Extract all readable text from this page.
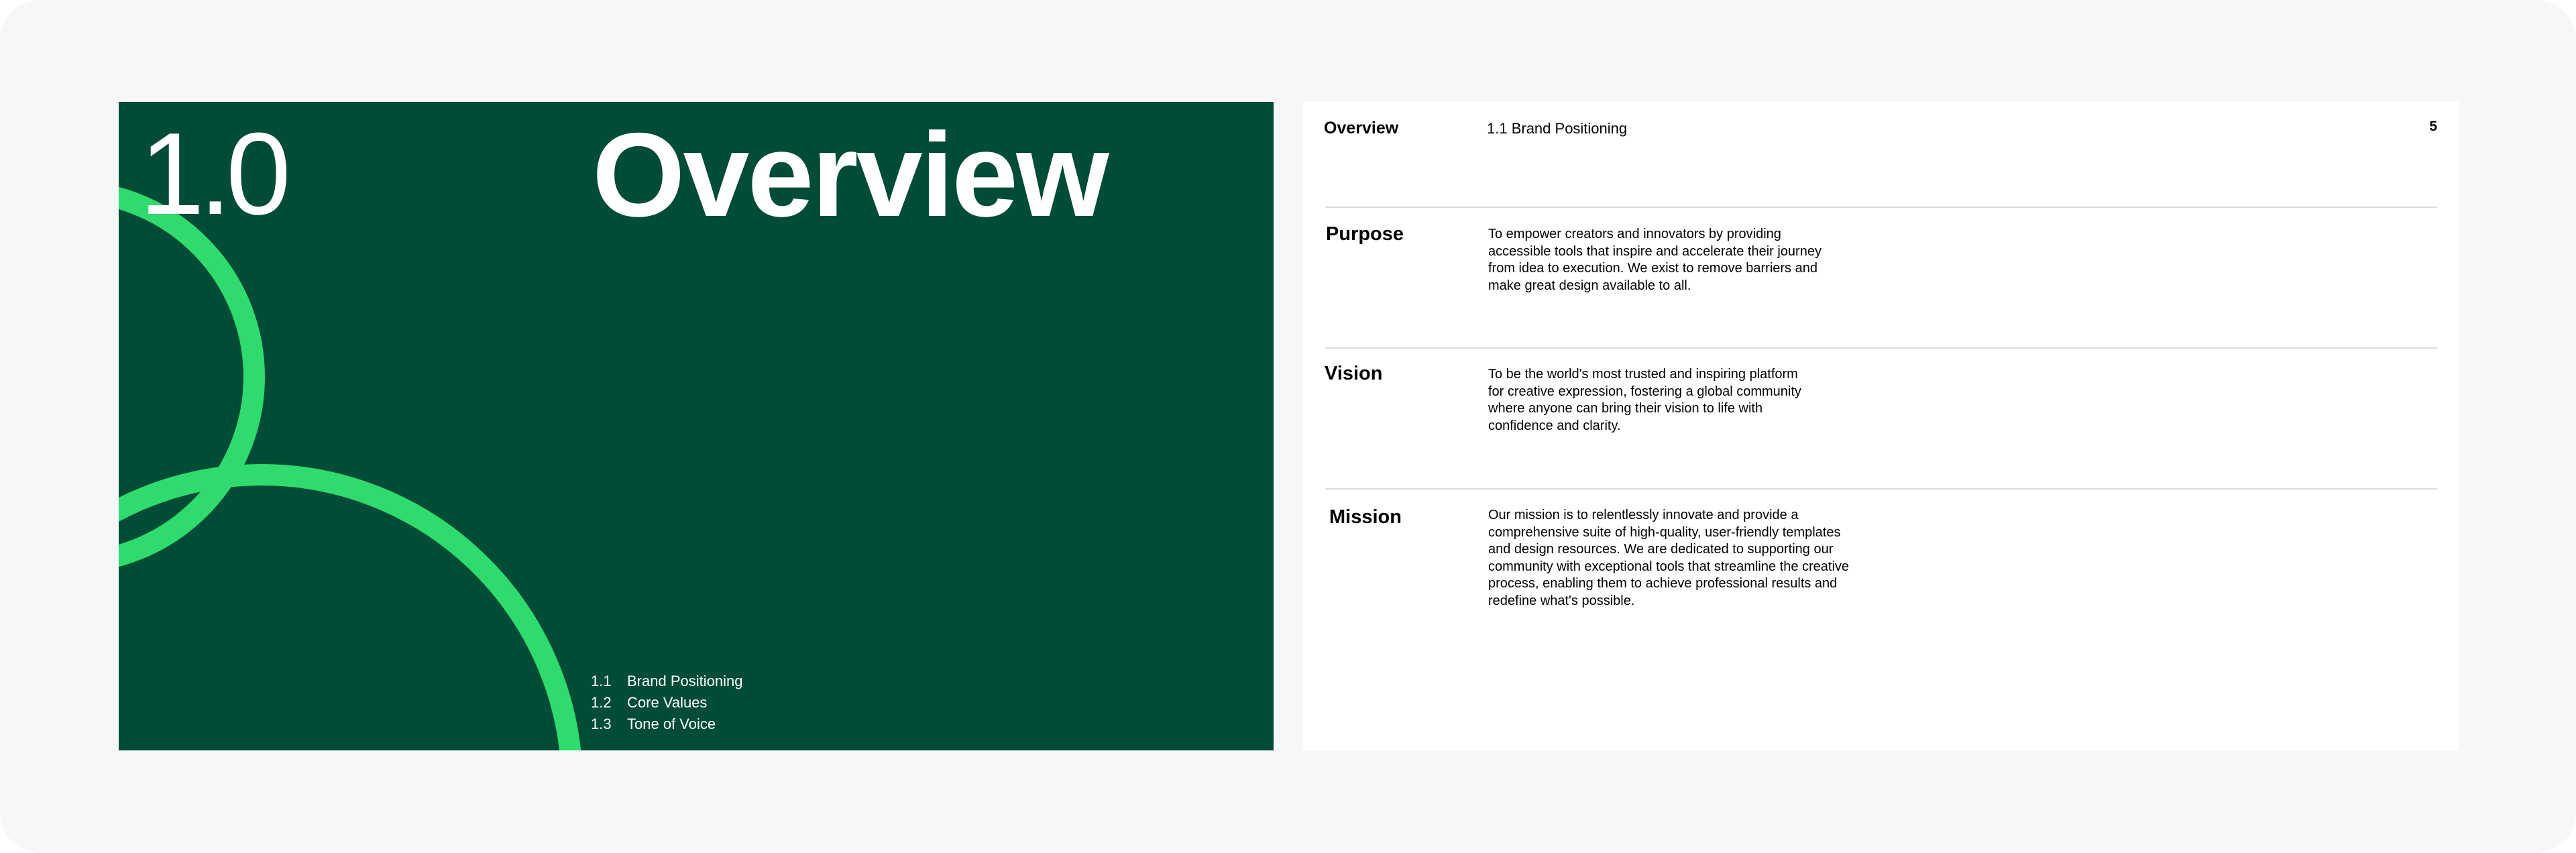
1.0	Overview
1.1	Brand Positioning
1.2	Core Values
1.3	Tone of Voice
Overview	1.1 Brand Positioning	5
Purpose	To empower creators and innovators by providing
accessible tools that inspire and accelerate their journey
from idea to execution. We exist to remove barriers and
make great design available to all.

Vision	To be the world's most trusted and inspiring platform
for creative expression, fostering a global community
where anyone can bring their vision to life with
confidence and clarity.

Mission	Our mission is to relentlessly innovate and provide a
comprehensive suite of high-quality, user-friendly templates
and design resources. We are dedicated to supporting our
community with exceptional tools that streamline the creative
process, enabling them to achieve professional results and
redefine what's possible.
